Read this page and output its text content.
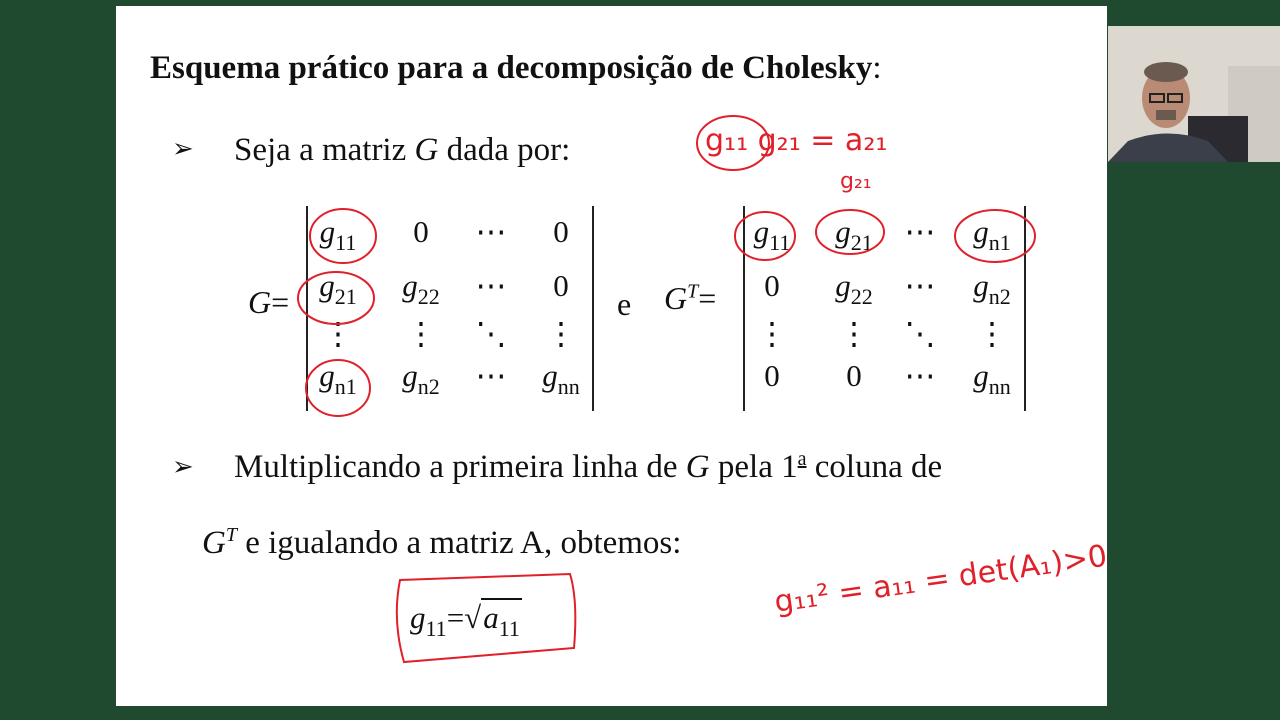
Esquema prático para a decomposição de Cholesky:
➢ Seja a matriz G dada por:
G=
$g_{11}$	0	⋯	0
$g_{21}$	$g_{22}$	⋯	0
⋮	⋮	⋱	⋮
$g_{n1}$	$g_{n2}$	⋯	$g_{nn}$
e $G^T=$
$g_{11}$	$g_{21}$	⋯	$g_{n1}$
0	$g_{22}$	⋯	$g_{n2}$
⋮	⋮	⋱	⋮
0	0	⋯	$g_{nn}$
➢ Multiplicando a primeira linha de G pela 1$^a$ coluna de
$G^T$ e igualando a matriz A, obtemos:
$g_{11}=√a_{11}$
g₁₁ g₂₁ = a₂₁
g₂₁
g₁₁² = a₁₁ = det(A₁)>0
